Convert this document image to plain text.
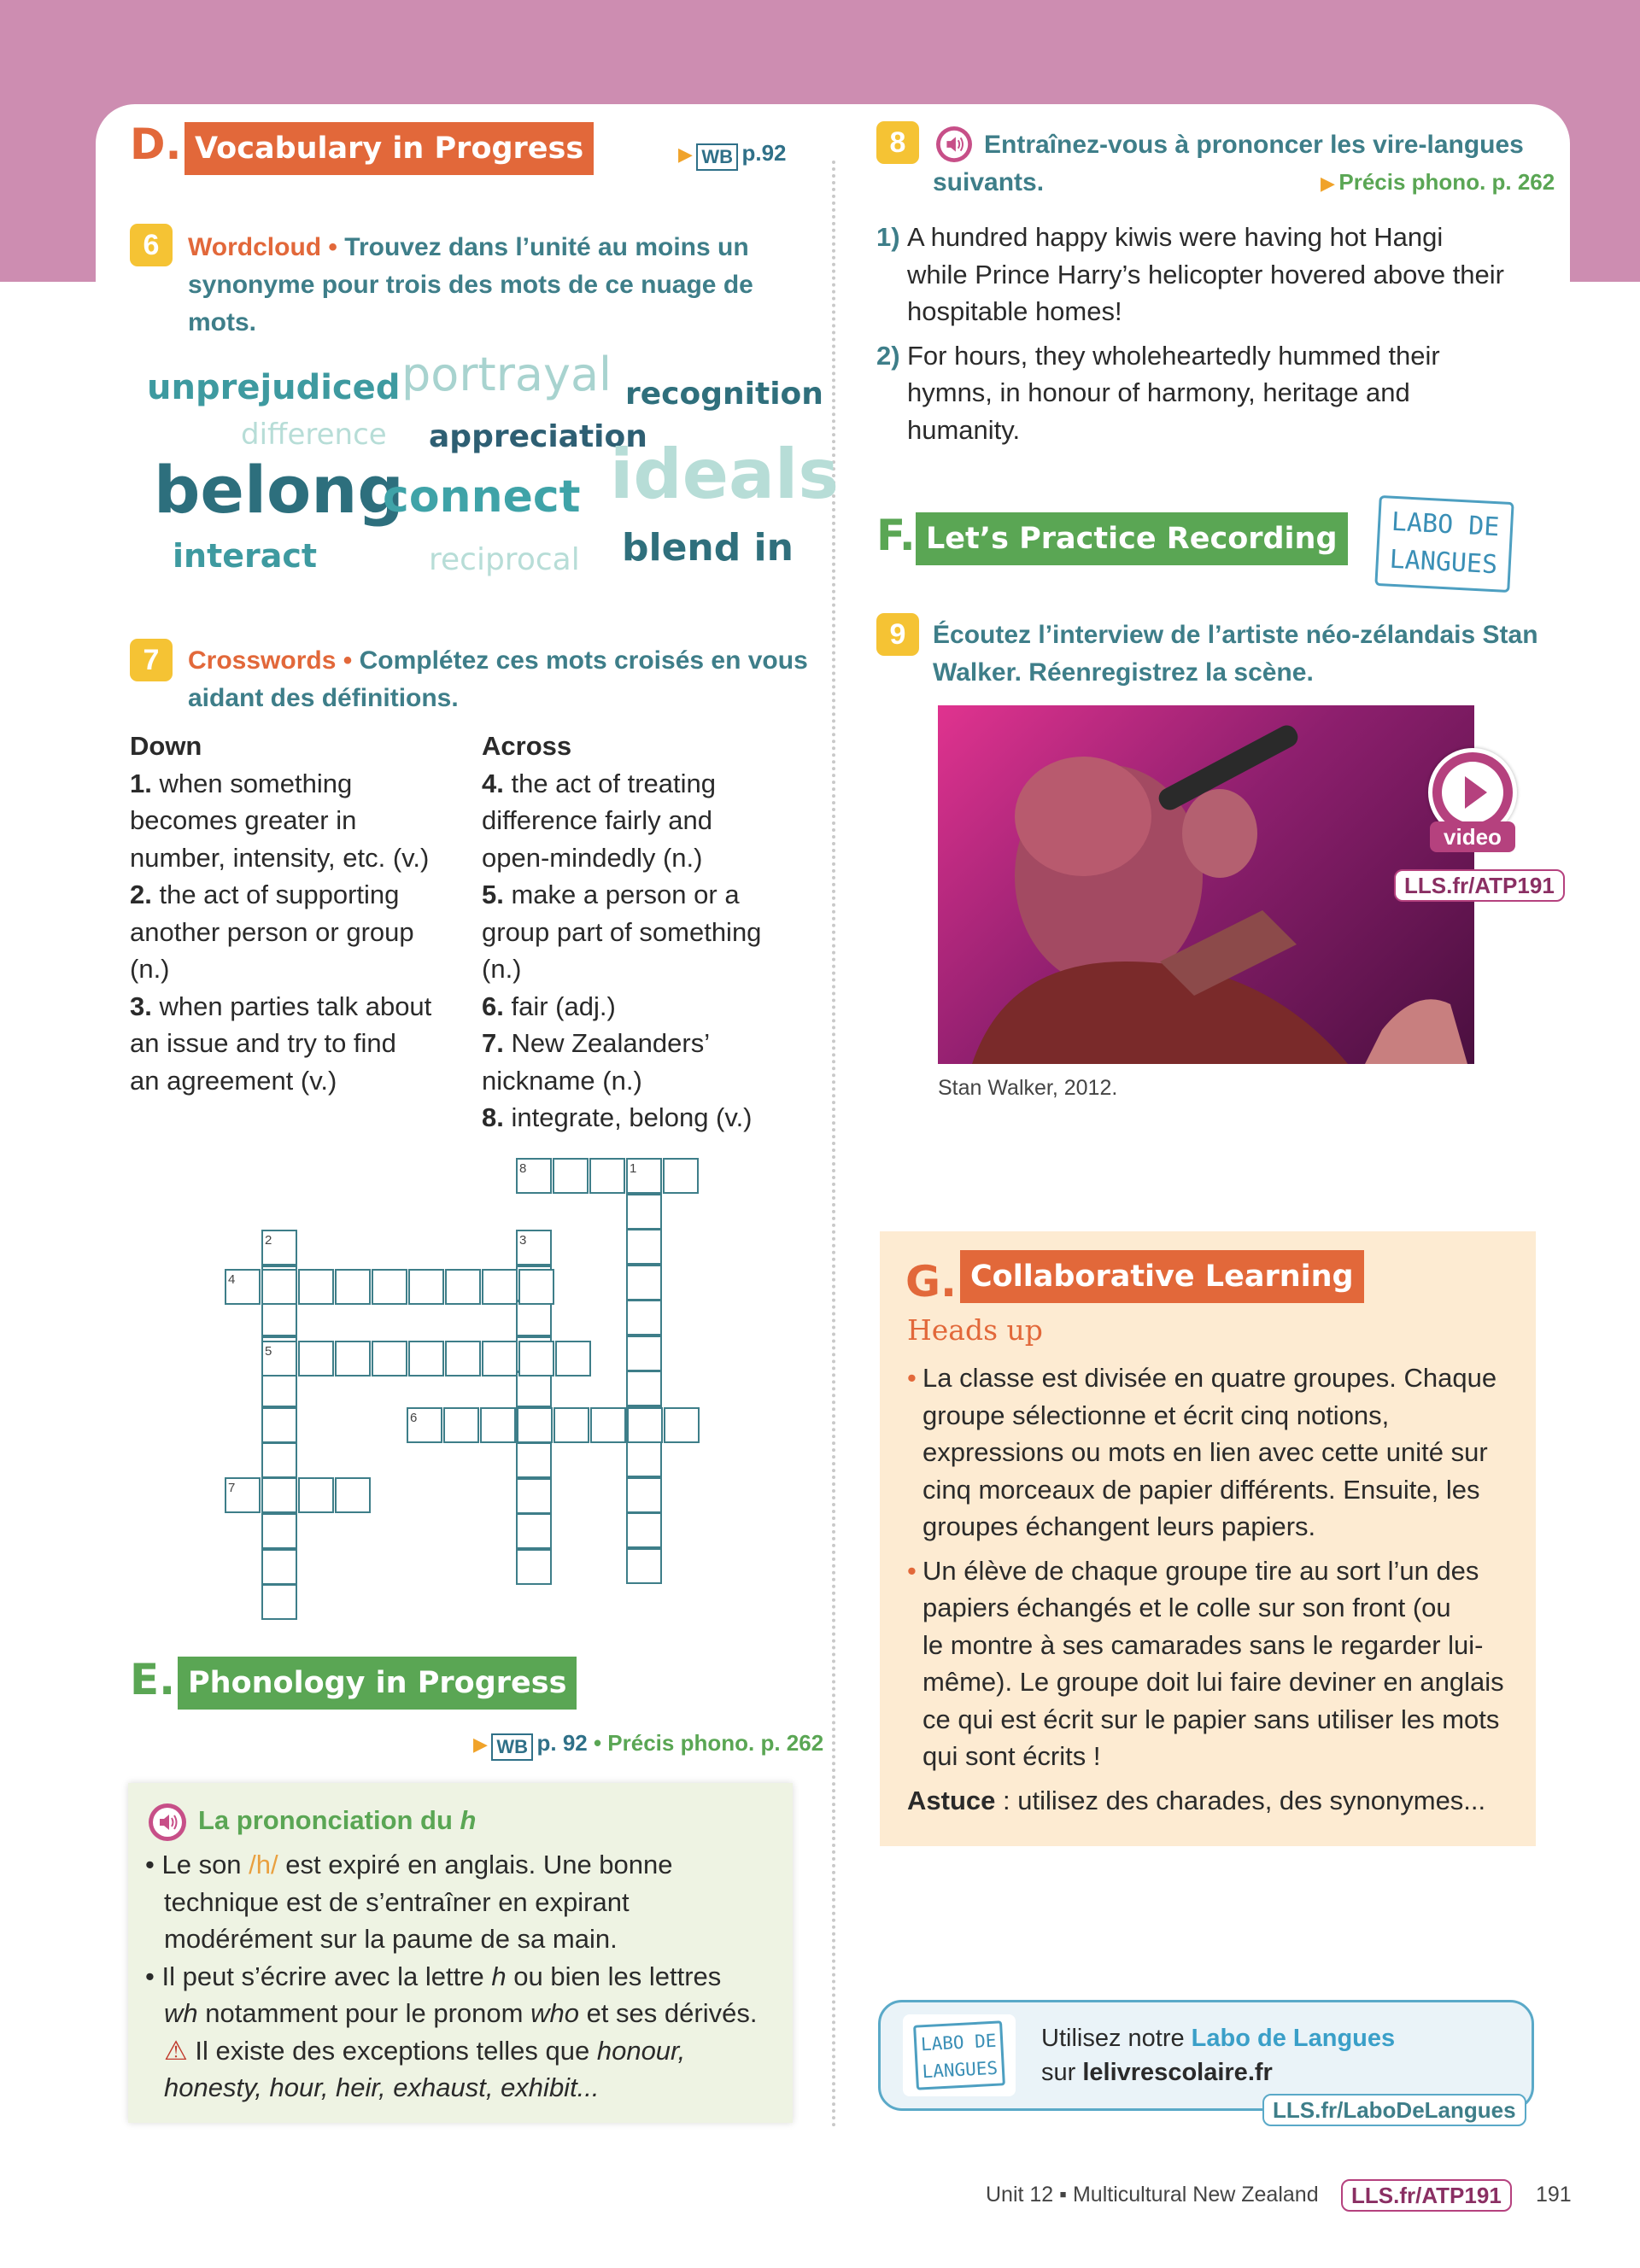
D. Vocabulary in Progress	▶ WB p.92
6	Wordcloud • Trouvez dans l’unité au moins un
synonyme pour trois des mots de ce nuage de
mots.
unprejudiced portrayal recognition
difference appreciation
belong
connect ideals
interact	reciprocal blend in
7	Crosswords • Complétez ces mots croisés en vous
aidant des définitions.
Down
1. when something
becomes greater in
number, intensity, etc. (v.)
2. the act of supporting
another person or group
(n.)
3. when parties talk about
an issue and try to find
an agreement (v.)
Across
4. the act of treating
difference fairly and
open-mindedly (n.)
5. make a person or a
group part of something
(n.)
6. fair (adj.)
7. New Zealanders’
nickname (n.)
8. integrate, belong (v.)
8	1
2	3
4
5
6
7
E. Phonology in Progress
▶ WB p. 92 • Précis phono. p. 262
La prononciation du h
• Le son /h/ est expiré en anglais. Une bonne
technique est de s’entraîner en expirant
modérément sur la paume de sa main.
• Il peut s’écrire avec la lettre h ou bien les lettres
wh notamment pour le pronom who et ses dérivés.
⚠ Il existe des exceptions telles que honour,
honesty, hour, heir, exhaust, exhibit...
8	Entraînez-vous à prononcer les vire-langues
suivants.	▶ Précis phono. p. 262
1) A hundred happy kiwis were having hot Hangi
while Prince Harry’s helicopter hovered above their
hospitable homes!
2) For hours, they wholeheartedly hummed their
hymns, in honour of harmony, heritage and
humanity.
F. Let’s Practice Recording	LABO DE
LANGUES
9	Écoutez l’interview de l’artiste néo-zélandais Stan
Walker. Réenregistrez la scène.
video
LLS.fr/ATP191
Stan Walker, 2012.
G. Collaborative Learning
Heads up
• La classe est divisée en quatre groupes. Chaque
groupe sélectionne et écrit cinq notions,
expressions ou mots en lien avec cette unité sur
cinq morceaux de papier différents. Ensuite, les
groupes échangent leurs papiers.
• Un élève de chaque groupe tire au sort l’un des
papiers échangés et le colle sur son front (ou
le montre à ses camarades sans le regarder lui-
même). Le groupe doit lui faire deviner en anglais
ce qui est écrit sur le papier sans utiliser les mots
qui sont écrits !
Astuce : utilisez des charades, des synonymes...
LABO DE
LANGUES
Utilisez notre Labo de Langues
sur lelivrescolaire.fr
LLS.fr/LaboDeLangues
Unit 12 ▪ Multicultural New Zealand	LLS.fr/ATP191	191
